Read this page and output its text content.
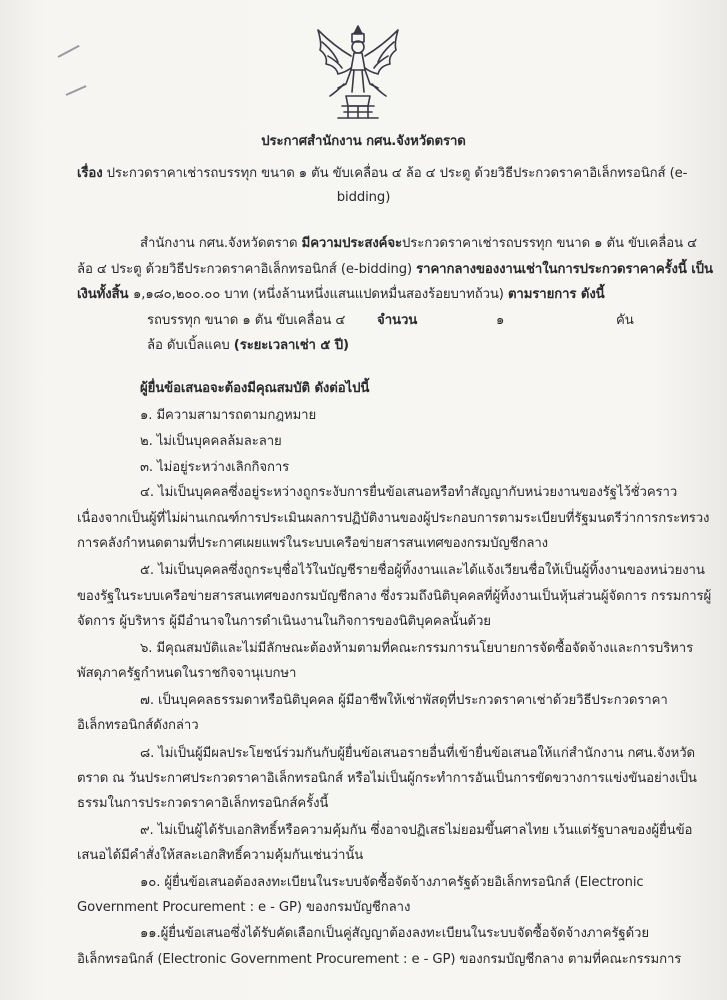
ประกาศสำนักงาน กศน.จังหวัดตราด
เรื่อง ประกวดราคาเช่ารถบรรทุก ขนาด ๑ ตัน ขับเคลื่อน ๔ ล้อ ๔ ประตู ด้วยวิธีประกวดราคาอิเล็กทรอนิกส์ (e-
bidding)
สำนักงาน กศน.จังหวัดตราด มีความประสงค์จะประกวดราคาเช่ารถบรรทุก ขนาด ๑ ตัน ขับเคลื่อน ๔
ล้อ ๔ ประตู ด้วยวิธีประกวดราคาอิเล็กทรอนิกส์ (e-bidding) ราคากลางของงานเช่าในการประกวดราคาครั้งนี้ เป็น
เงินทั้งสิ้น ๑,๑๘๐,๒๐๐.๐๐ บาท (หนึ่งล้านหนึ่งแสนแปดหมื่นสองร้อยบาทถ้วน) ตามรายการ ดังนี้
รถบรรทุก ขนาด ๑ ตัน ขับเคลื่อน ๔ จำนวน	๑	คัน
ล้อ ดับเบิ้ลแคบ (ระยะเวลาเช่า ๕ ปี)
ผู้ยื่นข้อเสนอจะต้องมีคุณสมบัติ ดังต่อไปนี้
๑. มีความสามารถตามกฎหมาย
๒. ไม่เป็นบุคคลล้มละลาย
๓. ไม่อยู่ระหว่างเลิกกิจการ
๔. ไม่เป็นบุคคลซึ่งอยู่ระหว่างถูกระงับการยื่นข้อเสนอหรือทำสัญญากับหน่วยงานของรัฐไว้ชั่วคราว
เนื่องจากเป็นผู้ที่ไม่ผ่านเกณฑ์การประเมินผลการปฏิบัติงานของผู้ประกอบการตามระเบียบที่รัฐมนตรีว่าการกระทรวง
การคลังกำหนดตามที่ประกาศเผยแพร่ในระบบเครือข่ายสารสนเทศของกรมบัญชีกลาง
๕. ไม่เป็นบุคคลซึ่งถูกระบุชื่อไว้ในบัญชีรายชื่อผู้ทิ้งงานและได้แจ้งเวียนชื่อให้เป็นผู้ทิ้งงานของหน่วยงาน
ของรัฐในระบบเครือข่ายสารสนเทศของกรมบัญชีกลาง ซึ่งรวมถึงนิติบุคคลที่ผู้ทิ้งงานเป็นหุ้นส่วนผู้จัดการ กรรมการผู้
จัดการ ผู้บริหาร ผู้มีอำนาจในการดำเนินงานในกิจการของนิติบุคคลนั้นด้วย
๖. มีคุณสมบัติและไม่มีลักษณะต้องห้ามตามที่คณะกรรมการนโยบายการจัดซื้อจัดจ้างและการบริหาร
พัสดุภาครัฐกำหนดในราชกิจจานุเบกษา
๗. เป็นบุคคลธรรมดาหรือนิติบุคคล ผู้มีอาชีพให้เช่าพัสดุที่ประกวดราคาเช่าด้วยวิธีประกวดราคา
อิเล็กทรอนิกส์ดังกล่าว
๘. ไม่เป็นผู้มีผลประโยชน์ร่วมกันกับผู้ยื่นข้อเสนอรายอื่นที่เข้ายื่นข้อเสนอให้แก่สำนักงาน กศน.จังหวัด
ตราด ณ วันประกาศประกวดราคาอิเล็กทรอนิกส์ หรือไม่เป็นผู้กระทำการอันเป็นการขัดขวางการแข่งขันอย่างเป็น
ธรรมในการประกวดราคาอิเล็กทรอนิกส์ครั้งนี้
๙. ไม่เป็นผู้ได้รับเอกสิทธิ์หรือความคุ้มกัน ซึ่งอาจปฏิเสธไม่ยอมขึ้นศาลไทย เว้นแต่รัฐบาลของผู้ยื่นข้อ
เสนอได้มีคำสั่งให้สละเอกสิทธิ์ความคุ้มกันเช่นว่านั้น
๑๐. ผู้ยื่นข้อเสนอต้องลงทะเบียนในระบบจัดซื้อจัดจ้างภาครัฐด้วยอิเล็กทรอนิกส์ (Electronic
Government Procurement : e - GP) ของกรมบัญชีกลาง
๑๑.ผู้ยื่นข้อเสนอซึ่งได้รับคัดเลือกเป็นคู่สัญญาต้องลงทะเบียนในระบบจัดซื้อจัดจ้างภาครัฐด้วย
อิเล็กทรอนิกส์ (Electronic Government Procurement : e - GP) ของกรมบัญชีกลาง ตามที่คณะกรรมการ
